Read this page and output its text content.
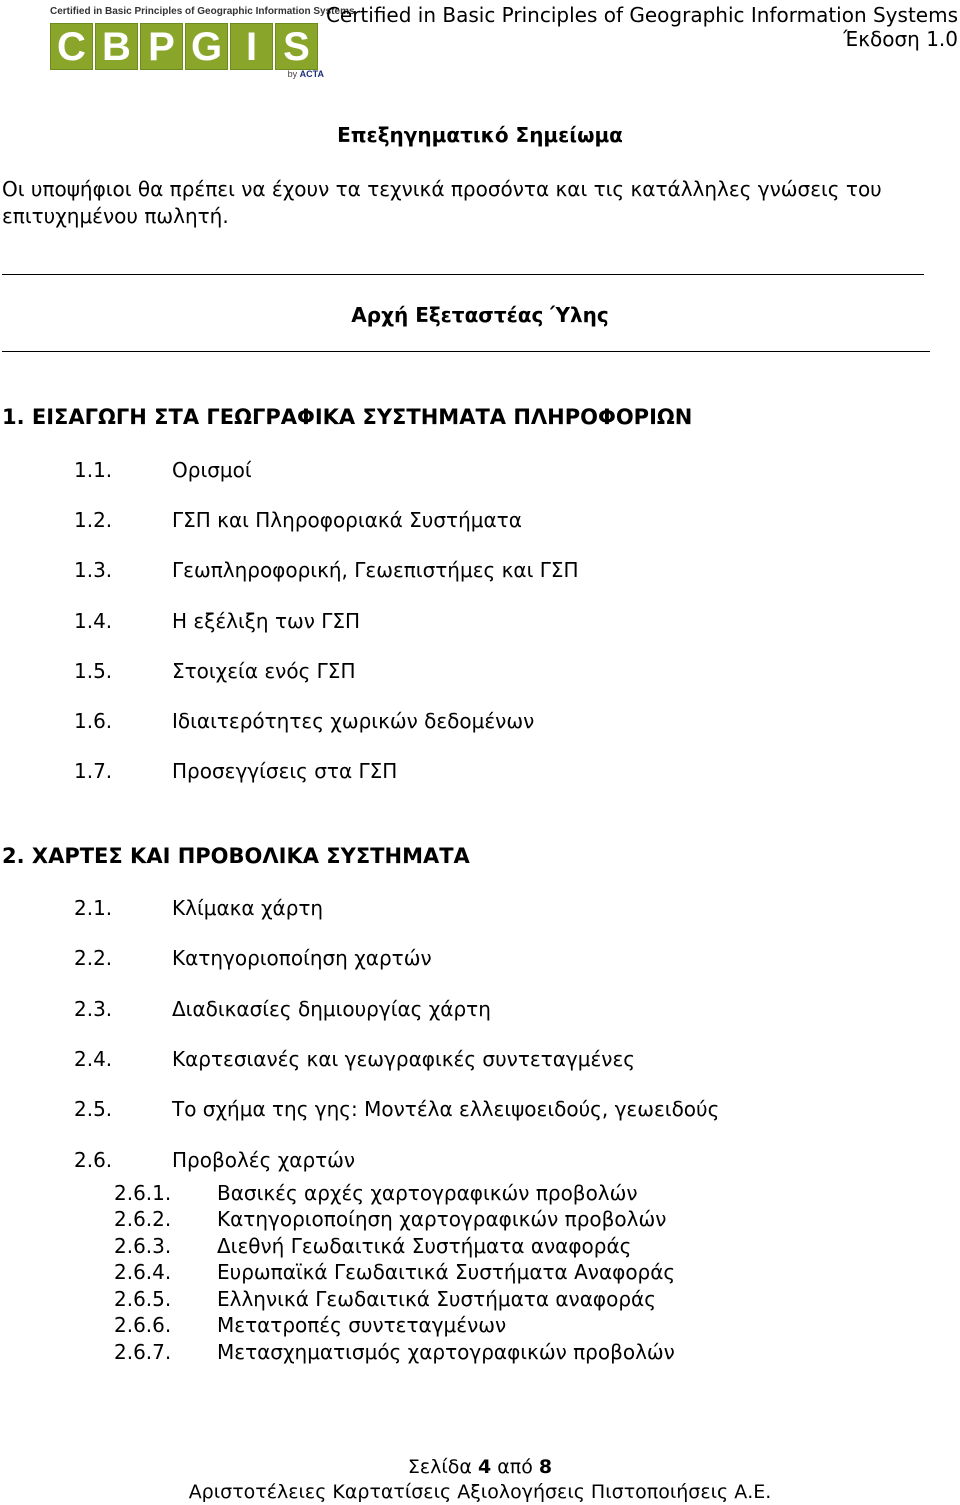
Certified in Basic Principles of Geographic Information Systems
C B P G I S
by ACTA
Certified in Basic Principles of Geographic Information Systems
Έκδοση 1.0
Επεξηγηματικό Σημείωμα
Οι υποψήφιοι θα πρέπει να έχουν τα τεχνικά προσόντα και τις κατάλληλες γνώσεις του επιτυχημένου πωλητή.
Αρχή Εξεταστέας Ύλης
1. ΕΙΣΑΓΩΓΗ ΣΤΑ ΓΕΩΓΡΑΦΙΚΑ ΣΥΣΤΗΜΑΤΑ ΠΛΗΡΟΦΟΡΙΩΝ
1.1.	Ορισμοί
1.2.	ΓΣΠ και Πληροφοριακά Συστήματα
1.3.	Γεωπληροφορική, Γεωεπιστήμες και ΓΣΠ
1.4.	Η εξέλιξη των ΓΣΠ
1.5.	Στοιχεία ενός ΓΣΠ
1.6.	Ιδιαιτερότητες χωρικών δεδομένων
1.7.	Προσεγγίσεις στα ΓΣΠ
2. ΧΑΡΤΕΣ ΚΑΙ ΠΡΟΒΟΛΙΚΑ ΣΥΣΤΗΜΑΤΑ
2.1.	Κλίμακα χάρτη
2.2.	Κατηγοριοποίηση χαρτών
2.3.	Διαδικασίες δημιουργίας χάρτη
2.4.	Καρτεσιανές και γεωγραφικές συντεταγμένες
2.5.	Το σχήμα της γης: Μοντέλα ελλειψοειδούς, γεωειδούς
2.6.	Προβολές χαρτών
2.6.1. Βασικές αρχές χαρτογραφικών προβολών
2.6.2. Κατηγοριοποίηση χαρτογραφικών προβολών
2.6.3. Διεθνή Γεωδαιτικά Συστήματα αναφοράς
2.6.4. Ευρωπαϊκά Γεωδαιτικά Συστήματα Αναφοράς
2.6.5. Ελληνικά Γεωδαιτικά Συστήματα αναφοράς
2.6.6. Μετατροπές συντεταγμένων
2.6.7. Μετασχηματισμός χαρτογραφικών προβολών
Σελίδα 4 από 8
Αριστοτέλειες Καρτατίσεις Αξιολογήσεις Πιστοποιήσεις Α.Ε.
